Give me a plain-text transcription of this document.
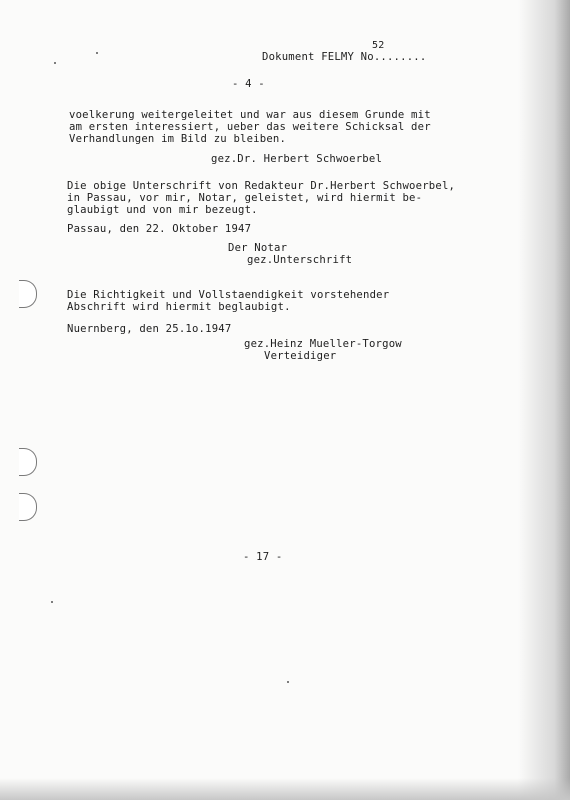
52
Dokument FELMY No........
- 4 -
voelkerung weitergeleitet und war aus diesem Grunde mit
am ersten interessiert, ueber das weitere Schicksal der
Verhandlungen im Bild zu bleiben.
gez.Dr. Herbert Schwoerbel
Die obige Unterschrift von Redakteur Dr.Herbert Schwoerbel,
in Passau, vor mir, Notar, geleistet, wird hiermit be-
glaubigt und von mir bezeugt.
Passau, den 22. Oktober 1947
Der Notar
gez.Unterschrift
Die Richtigkeit und Vollstaendigkeit vorstehender
Abschrift wird hiermit beglaubigt.
Nuernberg, den 25.1o.1947
gez.Heinz Mueller-Torgow
Verteidiger
- 17 -
